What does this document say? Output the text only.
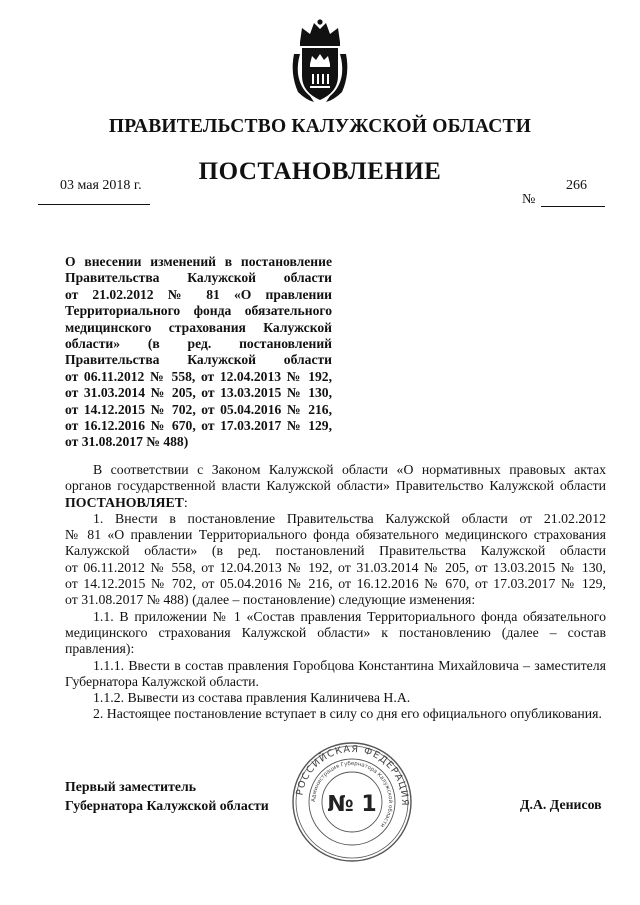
ПРАВИТЕЛЬСТВО КАЛУЖСКОЙ ОБЛАСТИ
ПОСТАНОВЛЕНИЕ
03 мая 2018 г.	266
№
О внесении изменений в постановление
Правительства Калужской области
от 21.02.2012 № 81 «О правлении
Территориального фонда обязательного
медицинского страхования Калужской
области» (в ред. постановлений
Правительства Калужской области
от 06.11.2012 № 558, от 12.04.2013 № 192,
от 31.03.2014 № 205, от 13.03.2015 № 130,
от 14.12.2015 № 702, от 05.04.2016 № 216,
от 16.12.2016 № 670, от 17.03.2017 № 129,
от 31.08.2017 № 488)
В соответствии с Законом Калужской области «О нормативных правовых актах
органов государственной власти Калужской области» Правительство Калужской области
ПОСТАНОВЛЯЕТ:
1. Внести в постановление Правительства Калужской области от 21.02.2012
№ 81 «О правлении Территориального фонда обязательного медицинского страхования
Калужской области» (в ред. постановлений Правительства Калужской области
от 06.11.2012 № 558, от 12.04.2013 № 192, от 31.03.2014 № 205, от 13.03.2015 № 130,
от 14.12.2015 № 702, от 05.04.2016 № 216, от 16.12.2016 № 670, от 17.03.2017 № 129,
от 31.08.2017 № 488) (далее – постановление) следующие изменения:
1.1. В приложении № 1 «Состав правления Территориального фонда обязательного
медицинского страхования Калужской области» к постановлению (далее – состав
правления):
1.1.1. Ввести в состав правления Горобцова Константина Михайловича – заместителя
Губернатора Калужской области.
1.1.2. Вывести из состава правления Калиничева Н.А.
2. Настоящее постановление вступает в силу со дня его официального опубликования.
Первый заместитель
Губернатора Калужской области	Д.А. Денисов
РОССИЙСКАЯ ФЕДЕРАЦИЯ
Администрация Губернатора Калужской области
№ 1
